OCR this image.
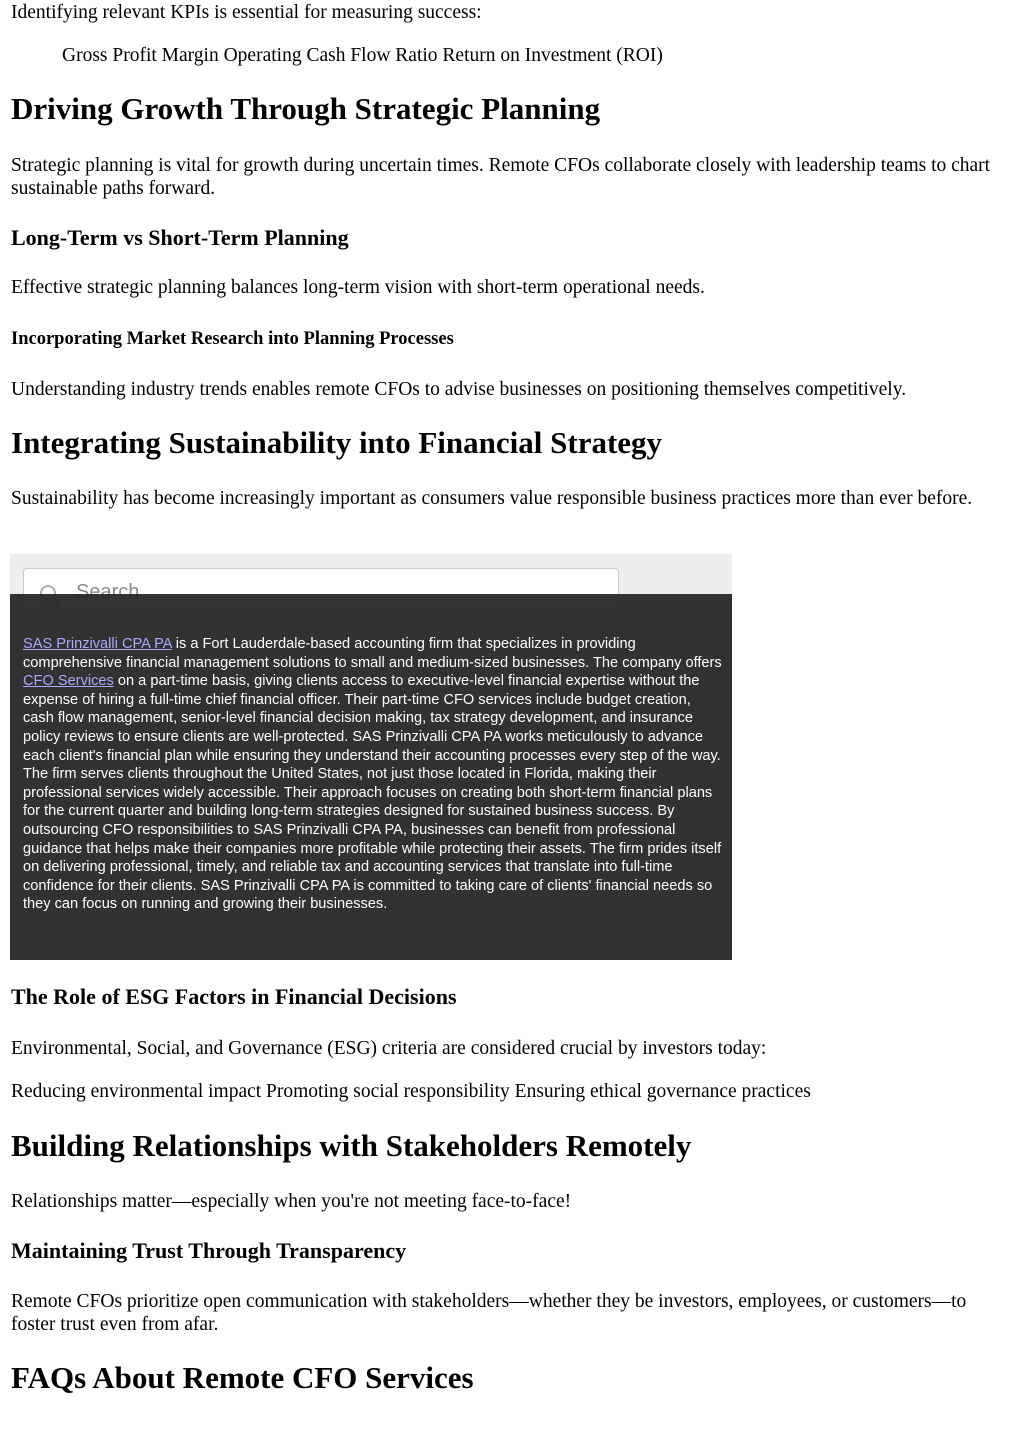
Identifying relevant KPIs is essential for measuring success:

Gross Profit Margin Operating Cash Flow Ratio Return on Investment (ROI)

Driving Growth Through Strategic Planning

Strategic planning is vital for growth during uncertain times. Remote CFOs collaborate closely with leadership teams to chart sustainable paths forward.

Long-Term vs Short-Term Planning

Effective strategic planning balances long-term vision with short-term operational needs.

Incorporating Market Research into Planning Processes

Understanding industry trends enables remote CFOs to advise businesses on positioning themselves competitively.

Integrating Sustainability into Financial Strategy

Sustainability has become increasingly important as consumers value responsible business practices more than ever before.

The Role of ESG Factors in Financial Decisions

Environmental, Social, and Governance (ESG) criteria are considered crucial by investors today:

Reducing environmental impact Promoting social responsibility Ensuring ethical governance practices

Building Relationships with Stakeholders Remotely

Relationships matter—especially when you're not meeting face-to-face!

Maintaining Trust Through Transparency

Remote CFOs prioritize open communication with stakeholders—whether they be investors, employees, or customers—to foster trust even from afar.

FAQs About Remote CFO Services
Search

SAS Prinzivalli CPA PA is a Fort Lauderdale-based accounting firm that specializes in providing comprehensive financial management solutions to small and medium-sized businesses. The company offers CFO Services on a part-time basis, giving clients access to executive-level financial expertise without the expense of hiring a full-time chief financial officer. Their part-time CFO services include budget creation, cash flow management, senior-level financial decision making, tax strategy development, and insurance policy reviews to ensure clients are well-protected. SAS Prinzivalli CPA PA works meticulously to advance each client's financial plan while ensuring they understand their accounting processes every step of the way. The firm serves clients throughout the United States, not just those located in Florida, making their professional services widely accessible. Their approach focuses on creating both short-term financial plans for the current quarter and building long-term strategies designed for sustained business success. By outsourcing CFO responsibilities to SAS Prinzivalli CPA PA, businesses can benefit from professional guidance that helps make their companies more profitable while protecting their assets. The firm prides itself on delivering professional, timely, and reliable tax and accounting services that translate into full-time confidence for their clients. SAS Prinzivalli CPA PA is committed to taking care of clients' financial needs so they can focus on running and growing their businesses.
